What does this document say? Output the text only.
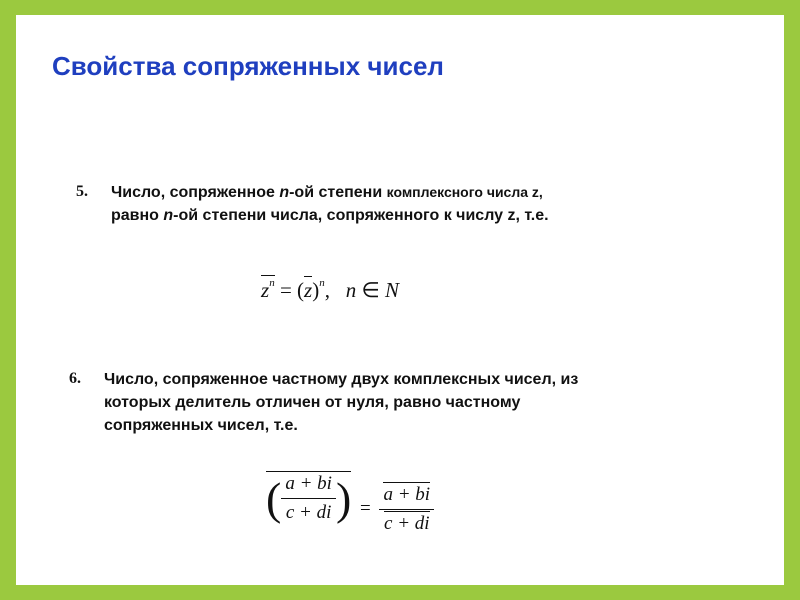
Свойства сопряженных чисел
5. Число, сопряженное n-ой степени комплексного числа z,
равно n-ой степени числа, сопряженного к числу z, т.е.
$z^n = (z)^n$, n ∈ N
6. Число, сопряженное частному двух комплексных чисел, из
которых делитель отличен от нуля, равно частному
сопряженных чисел, т.е.
( $\frac{a + bi}{c + di}$ ) = $\frac{a + bi}{c + di}$
